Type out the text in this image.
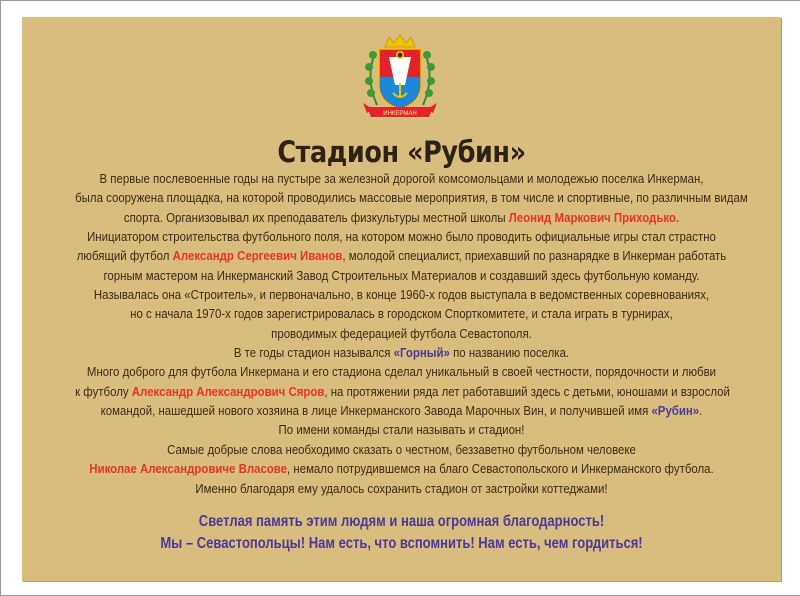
ИНКЕРМАН
Стадион «Рубин»
В первые послевоенные годы на пустыре за железной дорогой комсомольцами и молодежью поселка Инкерман,
была сооружена площадка, на которой проводились массовые мероприятия, в том числе и спортивные, по различным видам
спорта. Организовывал их преподаватель физкультуры местной школы Леонид Маркович Приходько.
Инициатором строительства футбольного поля, на котором можно было проводить официальные игры стал страстно
любящий футбол Александр Сергеевич Иванов, молодой специалист, приехавший по разнарядке в Инкерман работать
горным мастером на Инкерманский Завод Строительных Материалов и создавший здесь футбольную команду.
Называлась она «Строитель», и первоначально, в конце 1960-х годов выступала в ведомственных соревнованиях,
но с начала 1970-х годов зарегистрировалась в городском Спорткомитете, и стала играть в турнирах,
проводимых федерацией футбола Севастополя.
В те годы стадион назывался «Горный» по названию поселка.
Много доброго для футбола Инкермана и его стадиона сделал уникальный в своей честности, порядочности и любви
к футболу Александр Александрович Сяров, на протяжении ряда лет работавший здесь с детьми, юношами и взрослой
командой, нашедшей нового хозяина в лице Инкерманского Завода Марочных Вин, и получившей имя «Рубин».
По имени команды стали называть и стадион!
Самые добрые слова необходимо сказать о честном, беззаветно футбольном человеке
Николае Александровиче Власове, немало потрудившемся на благо Севастопольского и Инкерманского футбола.
Именно благодаря ему удалось сохранить стадион от застройки коттеджами!
Светлая память этим людям и наша огромная благодарность!
Мы – Севастопольцы! Нам есть, что вспомнить! Нам есть, чем гордиться!
